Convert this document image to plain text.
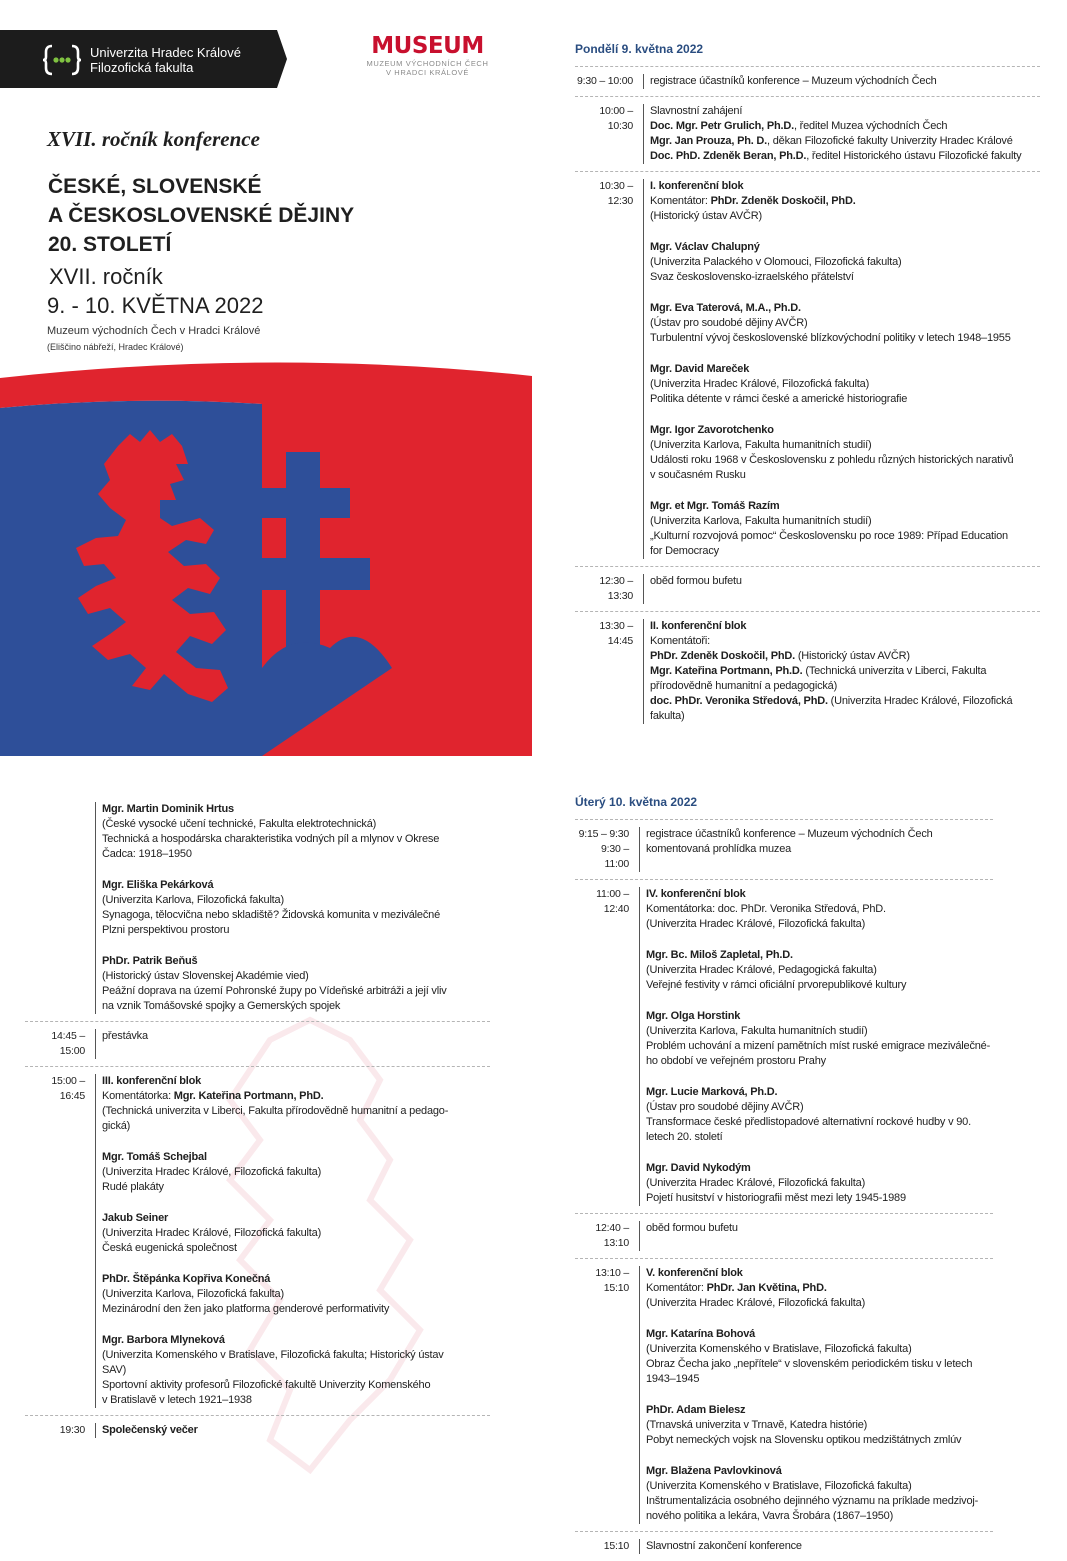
Univerzita Hradec Králové
Filozofická fakulta
MUSEUM
MUZEUM VÝCHODNÍCH ČECH
V HRADCI KRÁLOVÉ
XVII. ročník konference
ČESKÉ, SLOVENSKÉ
A ČESKOSLOVENSKÉ DĚJINY
20. STOLETÍ
XVII. ročník
9. - 10. KVĚTNA 2022
Muzeum východních Čech v Hradci Králové
(Eliščino nábřeží, Hradec Králové)
Pondělí 9. května 2022
9:30 – 10:00 registrace účastníků konference – Muzeum východních Čech

10:00 – 10:30

Slavnostní zahájení

Doc. Mgr. Petr Grulich, Ph.D., ředitel Muzea východních Čech

Mgr. Jan Prouza, Ph. D., děkan Filozofické fakulty Univerzity Hradec Králové

Doc. PhD. Zdeněk Beran, Ph.D., ředitel Historického ústavu Filozofické fakulty

10:30 – 12:30

I. konferenční blok

Komentátor: PhDr. Zdeněk Doskočil, PhD.

(Historický ústav AVČR)

Mgr. Václav Chalupný

(Univerzita Palackého v Olomouci, Filozofická fakulta)

Svaz československo-izraelského přátelství

Mgr. Eva Taterová, M.A., Ph.D.

(Ústav pro soudobé dějiny AVČR)

Turbulentní vývoj československé blízkovýchodní politiky v letech 1948–1955

Mgr. David Mareček

(Univerzita Hradec Králové, Filozofická fakulta)

Politika détente v rámci české a americké historiografie

Mgr. Igor Zavorotchenko

(Univerzita Karlova, Fakulta humanitních studií)

Události roku 1968 v Československu z pohledu různých historických narativů

v současném Rusku

Mgr. et Mgr. Tomáš Razím

(Univerzita Karlova, Fakulta humanitních studií)

„Kulturní rozvojová pomoc“ Československu po roce 1989: Případ Education

for Democracy

12:30 – 13:30

oběd formou bufetu

13:30 – 14:45

II. konferenční blok

Komentátoři:

PhDr. Zdeněk Doskočil, PhD. (Historický ústav AVČR)

Mgr. Kateřina Portmann, Ph.D. (Technická univerzita v Liberci, Fakulta

přírodovědně humanitní a pedagogická)

doc. PhDr. Veronika Středová, PhD. (Univerzita Hradec Králové, Filozofická

fakulta)

Mgr. Martin Dominik Hrtus

(České vysocké učení technické, Fakulta elektrotechnická)

Technická a hospodárska charakteristika vodných píl a mlynov v Okrese

Čadca: 1918–1950

Mgr. Eliška Pekárková

(Univerzita Karlova, Filozofická fakulta)

Synagoga, tělocvična nebo skladiště? Židovská komunita v meziválečné

Plzni perspektivou prostoru

PhDr. Patrik Beňuš

(Historický ústav Slovenskej Akadémie vied)

Peážní doprava na území Pohronské župy po Vídeňské arbitráži a její vliv

na vznik Tomášovské spojky a Gemerských spojek

14:45 – 15:00

přestávka

15:00 – 16:45

III. konferenční blok

Komentátorka: Mgr. Kateřina Portmann, PhD.

(Technická univerzita v Liberci, Fakulta přírodovědně humanitní a pedago-

gická)

Mgr. Tomáš Schejbal

(Univerzita Hradec Králové, Filozofická fakulta)

Rudé plakáty

Jakub Seiner

(Univerzita Hradec Králové, Filozofická fakulta)

Česká eugenická společnost

PhDr. Štěpánka Kopřiva Konečná

(Univerzita Karlova, Filozofická fakulta)

Mezinárodní den žen jako platforma genderové performativity

Mgr. Barbora Mlyneková

(Univerzita Komenského v Bratislave, Filozofická fakulta; Historický ústav

SAV)

Sportovní aktivity profesorů Filozofické fakultě Univerzity Komenského

v Bratislavě v letech 1921–1938

19:30 Společenský večer

Úterý 10. května 2022
9:15 – 9:30
9:30 – 11:00

registrace účastníků konference – Muzeum východních Čech

komentovaná prohlídka muzea

11:00 – 12:40

IV. konferenční blok

Komentátorka: doc. PhDr. Veronika Středová, PhD.

(Univerzita Hradec Králové, Filozofická fakulta)

Mgr. Bc. Miloš Zapletal, Ph.D.

(Univerzita Hradec Králové, Pedagogická fakulta)

Veřejné festivity v rámci oficiální prvorepublikové kultury

Mgr. Olga Horstink

(Univerzita Karlova, Fakulta humanitních studií)

Problém uchování a mizení pamětních míst ruské emigrace meziválečné-

ho období ve veřejném prostoru Prahy

Mgr. Lucie Marková, Ph.D.

(Ústav pro soudobé dějiny AVČR)

Transformace české předlistopadové alternativní rockové hudby v 90.

letech 20. století

Mgr. David Nykodým

(Univerzita Hradec Králové, Filozofická fakulta)

Pojetí husitství v historiografii měst mezi lety 1945-1989

12:40 – 13:10

oběd formou bufetu

13:10 – 15:10

V. konferenční blok

Komentátor: PhDr. Jan Květina, PhD.

(Univerzita Hradec Králové, Filozofická fakulta)

Mgr. Katarína Bohová

(Univerzita Komenského v Bratislave, Filozofická fakulta)

Obraz Čecha jako „nepřítele“ v slovenském periodickém tisku v letech

1943–1945

PhDr. Adam Bielesz

(Trnavská univerzita v Trnavě, Katedra histórie)

Pobyt nemeckých vojsk na Slovensku optikou medzištátnych zmlúv

Mgr. Blažena Pavlovkinová

(Univerzita Komenského v Bratislave, Filozofická fakulta)

Inštrumentalizácia osobného dejinného významu na príklade medzivoj-

nového politika a lekára, Vavra Šrobára (1867–1950)

15:10 Slavnostní zakončení konference
